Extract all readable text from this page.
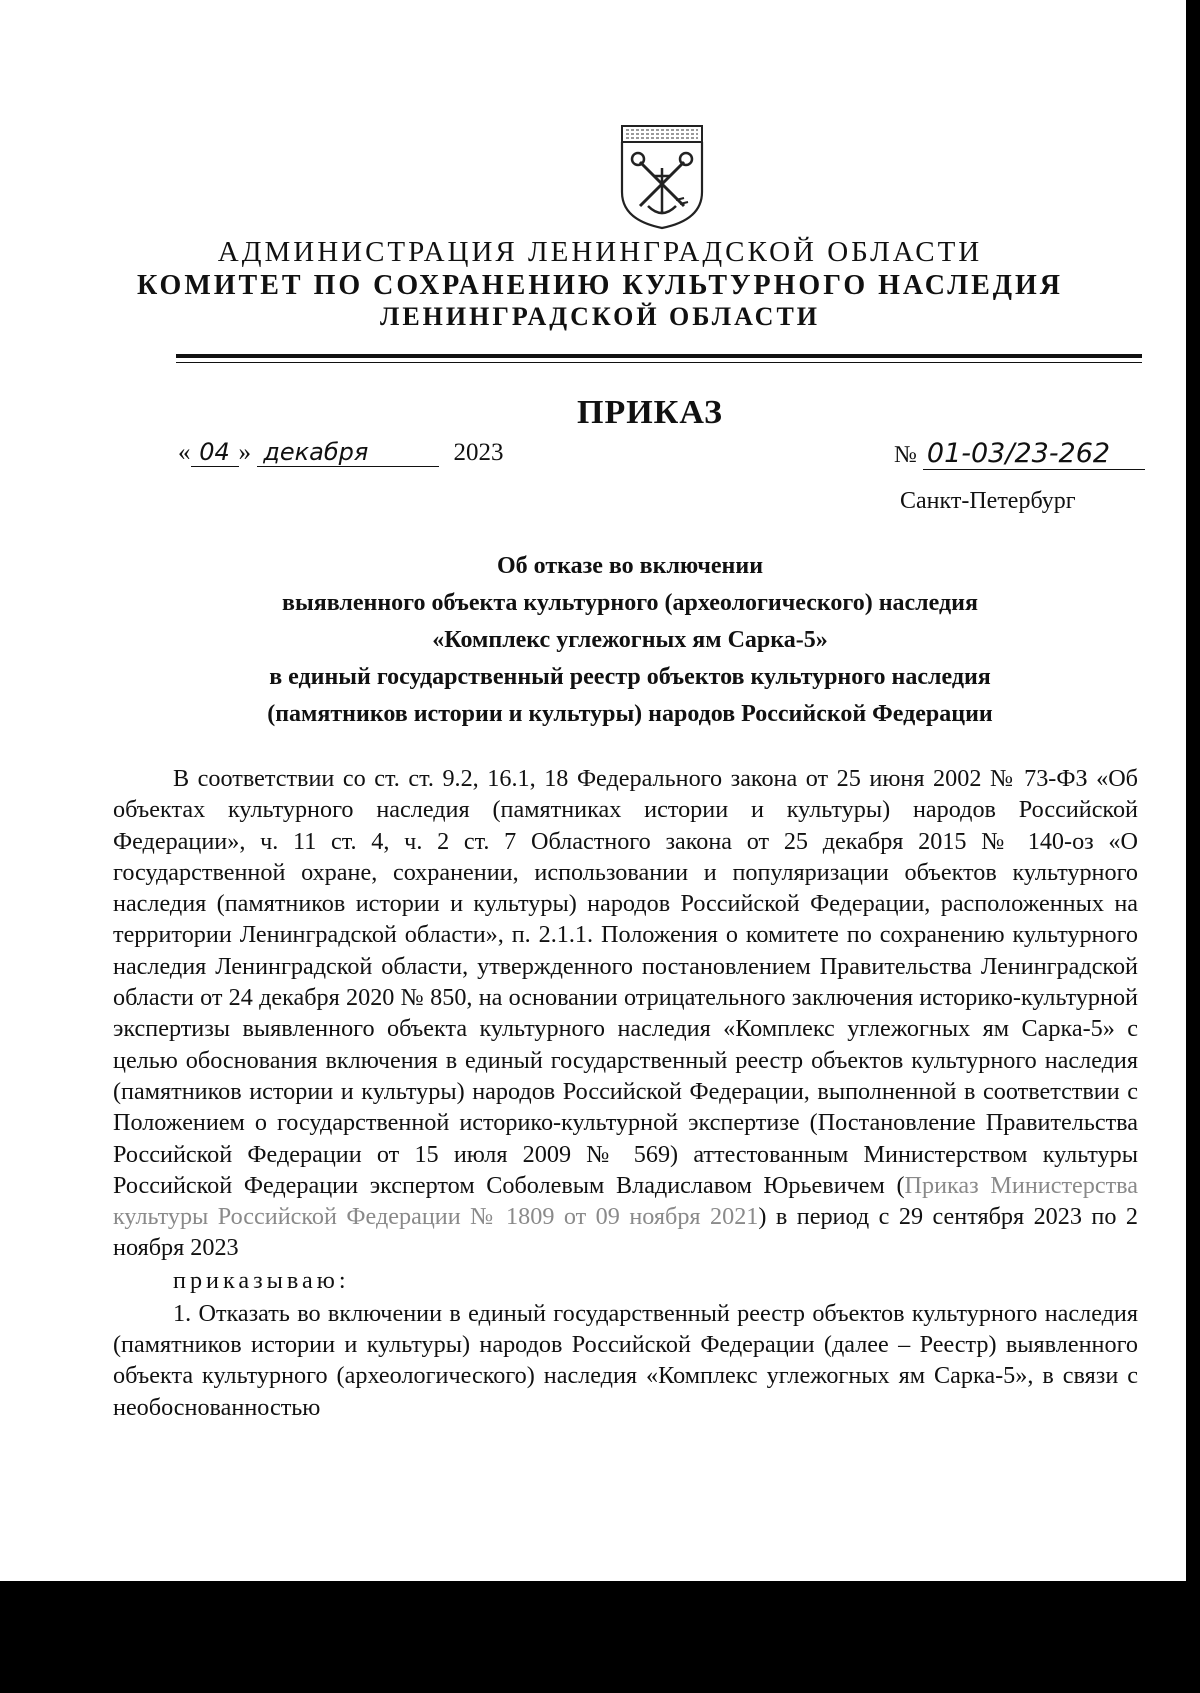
АДМИНИСТРАЦИЯ ЛЕНИНГРАДСКОЙ ОБЛАСТИ
КОМИТЕТ ПО СОХРАНЕНИЮ КУЛЬТУРНОГО НАСЛЕДИЯ
ЛЕНИНГРАДСКОЙ ОБЛАСТИ
ПРИКАЗ
« 04 » декабря	2023	№ 01-03/23-262
Санкт-Петербург
Об отказе во включении
выявленного объекта культурного (археологического) наследия
«Комплекс углежогных ям Сарка-5»
в единый государственный реестр объектов культурного наследия
(памятников истории и культуры) народов Российской Федерации

В соответствии со ст. ст. 9.2, 16.1, 18 Федерального закона от 25 июня 2002 № 73-ФЗ «Об объектах культурного наследия (памятниках истории и культуры) народов Российской Федерации», ч. 11 ст. 4, ч. 2 ст. 7 Областного закона от 25 декабря 2015 № 140-оз «О государственной охране, сохранении, использовании и популяризации объектов культурного наследия (памятников истории и культуры) народов Российской Федерации, расположенных на территории Ленинградской области», п. 2.1.1. Положения о комитете по сохранению культурного наследия Ленинградской области, утвержденного постановлением Правительства Ленинградской области от 24 декабря 2020 № 850, на основании отрицательного заключения историко-культурной экспертизы выявленного объекта культурного наследия «Комплекс углежогных ям Сарка-5» с целью обоснования включения в единый государственный реестр объектов культурного наследия (памятников истории и культуры) народов Российской Федерации, выполненной в соответствии с Положением о государственной историко-культурной экспертизе (Постановление Правительства Российской Федерации от 15 июля 2009 № 569) аттестованным Министерством культуры Российской Федерации экспертом Соболевым Владиславом Юрьевичем (Приказ Министерства культуры Российской Федерации № 1809 от 09 ноября 2021) в период с 29 сентября 2023 по 2 ноября 2023

приказываю:

1. Отказать во включении в единый государственный реестр объектов культурного наследия (памятников истории и культуры) народов Российской Федерации (далее – Реестр) выявленного объекта культурного (археологического) наследия «Комплекс углежогных ям Сарка-5», в связи с необоснованностью
